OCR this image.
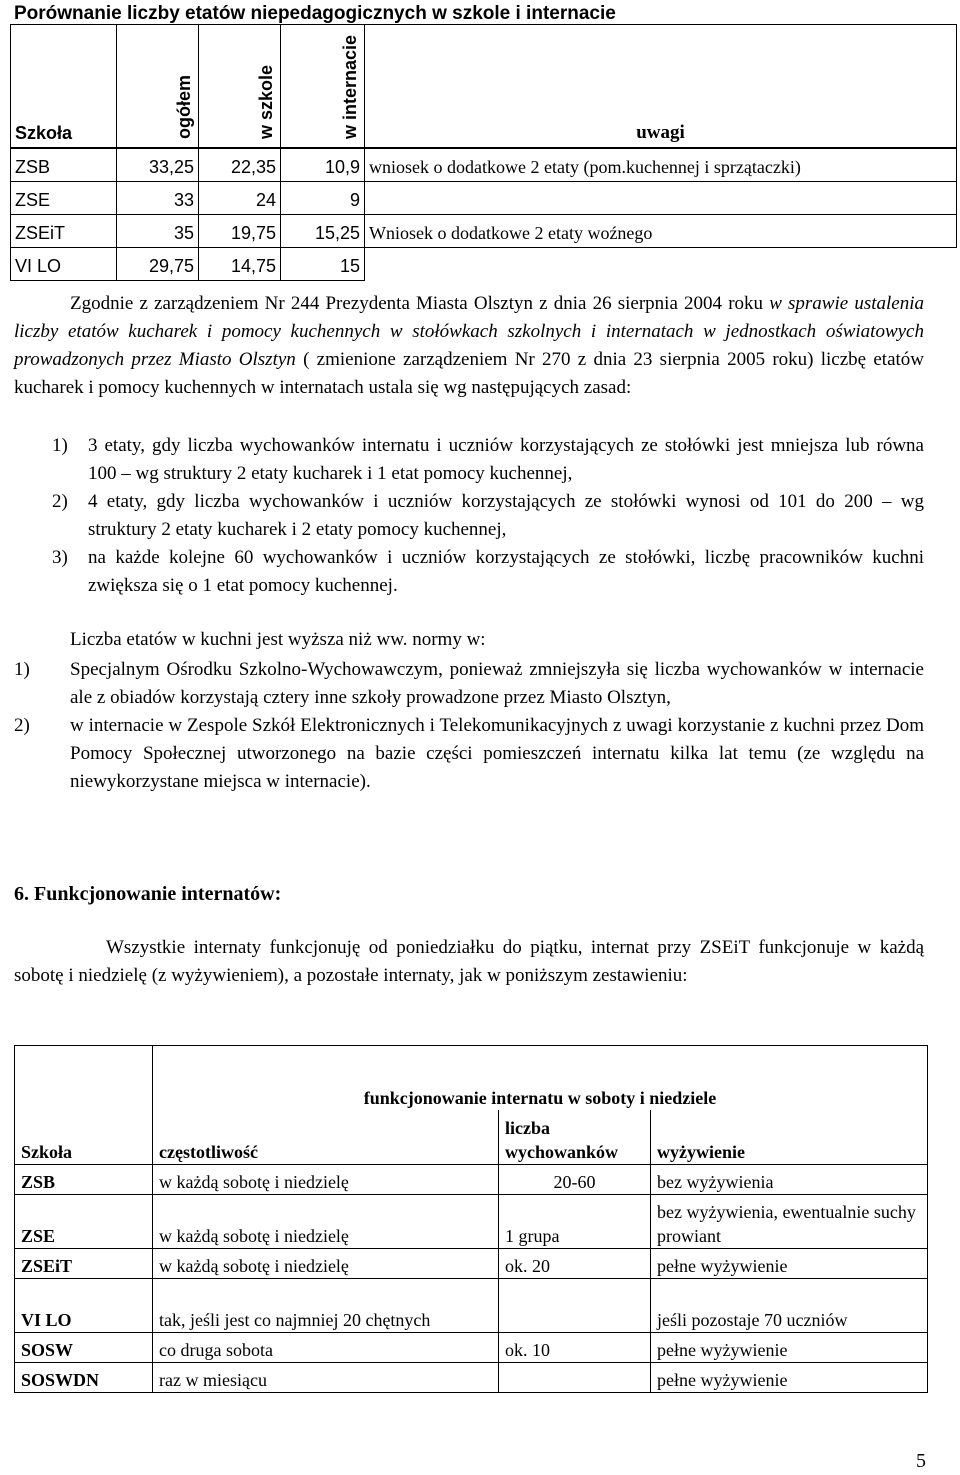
Porównanie liczby etatów niepedagogicznych w szkole i internacie
Szkoła	ogółem	w szkole	w internacie	uwagi
ZSB	33,25	22,35	10,9	wniosek o dodatkowe 2 etaty (pom.kuchennej i sprzątaczki)
ZSE	33	24	9	
ZSEiT	35	19,75	15,25	Wniosek o dodatkowe 2 etaty woźnego
VI LO	29,75	14,75	15	
Zgodnie z zarządzeniem Nr 244 Prezydenta Miasta Olsztyn z dnia 26 sierpnia 2004 roku w sprawie ustalenia liczby etatów kucharek i pomocy kuchennych w stołówkach szkolnych i internatach w jednostkach oświatowych prowadzonych przez Miasto Olsztyn ( zmienione zarządzeniem Nr 270 z dnia 23 sierpnia 2005 roku) liczbę etatów kucharek i pomocy kuchennych w internatach ustala się wg następujących zasad:
1) 3 etaty, gdy liczba wychowanków internatu i uczniów korzystających ze stołówki jest mniejsza lub równa 100 – wg struktury 2 etaty kucharek i 1 etat pomocy kuchennej,
2) 4 etaty, gdy liczba wychowanków i uczniów korzystających ze stołówki wynosi od 101 do 200 – wg struktury 2 etaty kucharek i 2 etaty pomocy kuchennej,
3) na każde kolejne 60 wychowanków i uczniów korzystających ze stołówki, liczbę pracowników kuchni zwiększa się o 1 etat pomocy kuchennej.
Liczba etatów w kuchni jest wyższa niż ww. normy w:
1) Specjalnym Ośrodku Szkolno-Wychowawczym, ponieważ zmniejszyła się liczba wychowanków w internacie ale z obiadów korzystają cztery inne szkoły prowadzone przez Miasto Olsztyn,
2) w internacie w Zespole Szkół Elektronicznych i Telekomunikacyjnych z uwagi korzystanie z kuchni przez Dom Pomocy Społecznej utworzonego na bazie części pomieszczeń internatu kilka lat temu (ze względu na niewykorzystane miejsca w internacie).
6. Funkcjonowanie internatów:
Wszystkie internaty funkcjonuję od poniedziałku do piątku, internat przy ZSEiT funkcjonuje w każdą sobotę i niedzielę (z wyżywieniem), a pozostałe internaty, jak w poniższym zestawieniu:
	funkcjonowanie internatu w soboty i niedziele		
Szkoła	częstotliwość	liczba wychowanków	wyżywienie
ZSB	w każdą sobotę i niedzielę	20-60	bez wyżywienia
ZSE	w każdą sobotę i niedzielę	1 grupa	bez wyżywienia, ewentualnie suchy prowiant
ZSEiT	w każdą sobotę i niedzielę	ok. 20	pełne wyżywienie
VI LO	tak, jeśli jest co najmniej 20 chętnych		jeśli pozostaje 70 uczniów
SOSW	co druga sobota	ok. 10	pełne wyżywienie
SOSWDN	raz w miesiącu		pełne wyżywienie
5
